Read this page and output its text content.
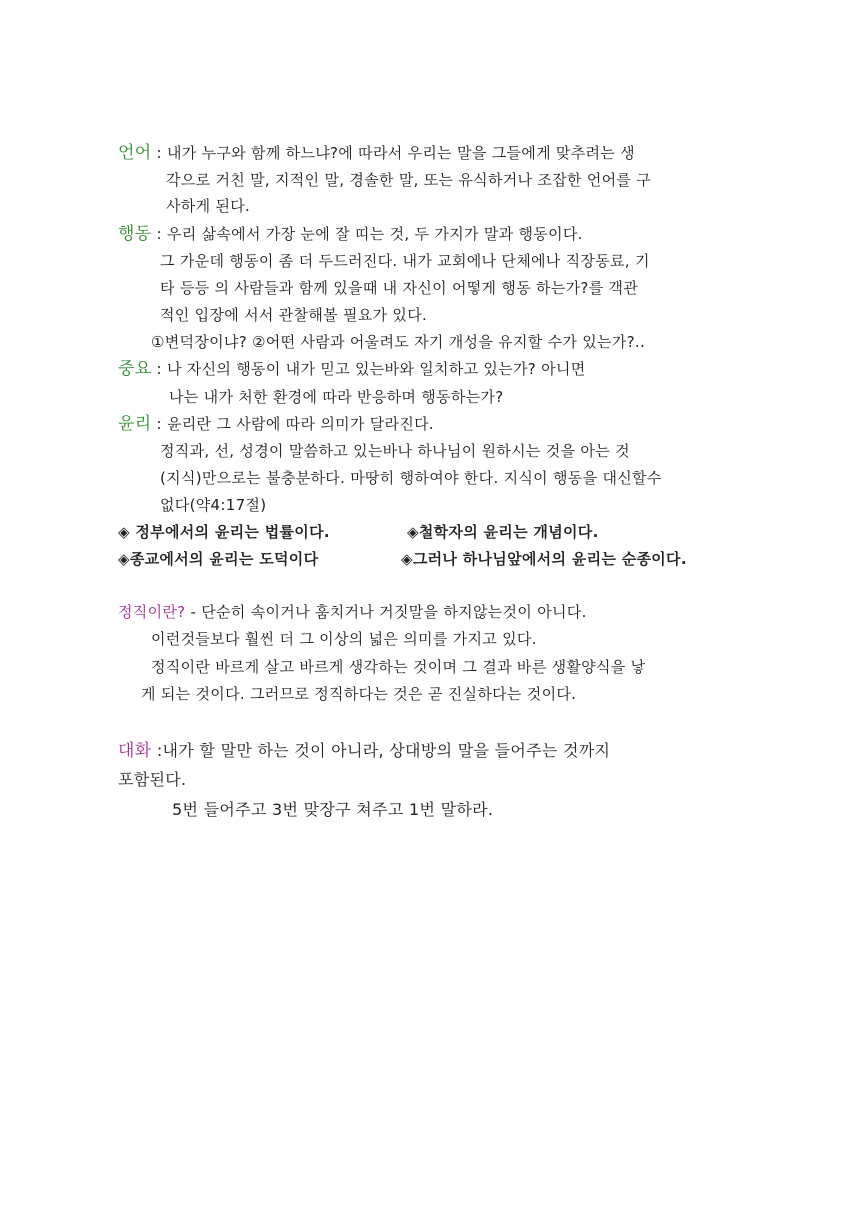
언어 : 내가 누구와 함께 하느냐?에 따라서 우리는 말을 그들에게 맞추려는 생
각으로 거친 말, 지적인 말, 경솔한 말, 또는 유식하거나 조잡한 언어를 구
사하게 된다.
행동 : 우리 삶속에서 가장 눈에 잘 띠는 것, 두 가지가 말과 행동이다.
그 가운데 행동이 좀 더 두드러진다. 내가 교회에나 단체에나 직장동료, 기
타 등등 의 사람들과 함께 있을때 내 자신이 어떻게 행동 하는가?를 객관
적인 입장에 서서 관찰해볼 필요가 있다.
①변덕장이냐? ②어떤 사람과 어울려도 자기 개성을 유지할 수가 있는가?..
중요 : 나 자신의 행동이 내가 믿고 있는바와 일치하고 있는가? 아니면
나는 내가 처한 환경에 따라 반응하며 행동하는가?
윤리 : 윤리란 그 사람에 따라 의미가 달라진다.
정직과, 선, 성경이 말씀하고 있는바나 하나님이 원하시는 것을 아는 것
(지식)만으로는 불충분하다. 마땅히 행하여야 한다. 지식이 행동을 대신할수
없다(약4:17절)
◈ 정부에서의 윤리는 법률이다.	◈철학자의 윤리는 개념이다.
◈종교에서의 윤리는 도덕이다	◈그러나 하나님앞에서의 윤리는 순종이다.
정직이란? - 단순히 속이거나 훔치거나 거짓말을 하지않는것이 아니다.
이런것들보다 훨씬 더 그 이상의 넓은 의미를 가지고 있다.
정직이란 바르게 살고 바르게 생각하는 것이며 그 결과 바른 생활양식을 낳
게 되는 것이다. 그러므로 정직하다는 것은 곧 진실하다는 것이다.
대화 :내가 할 말만 하는 것이 아니라, 상대방의 말을 들어주는 것까지
포함된다.
5번 들어주고 3번 맞장구 쳐주고 1번 말하라.
